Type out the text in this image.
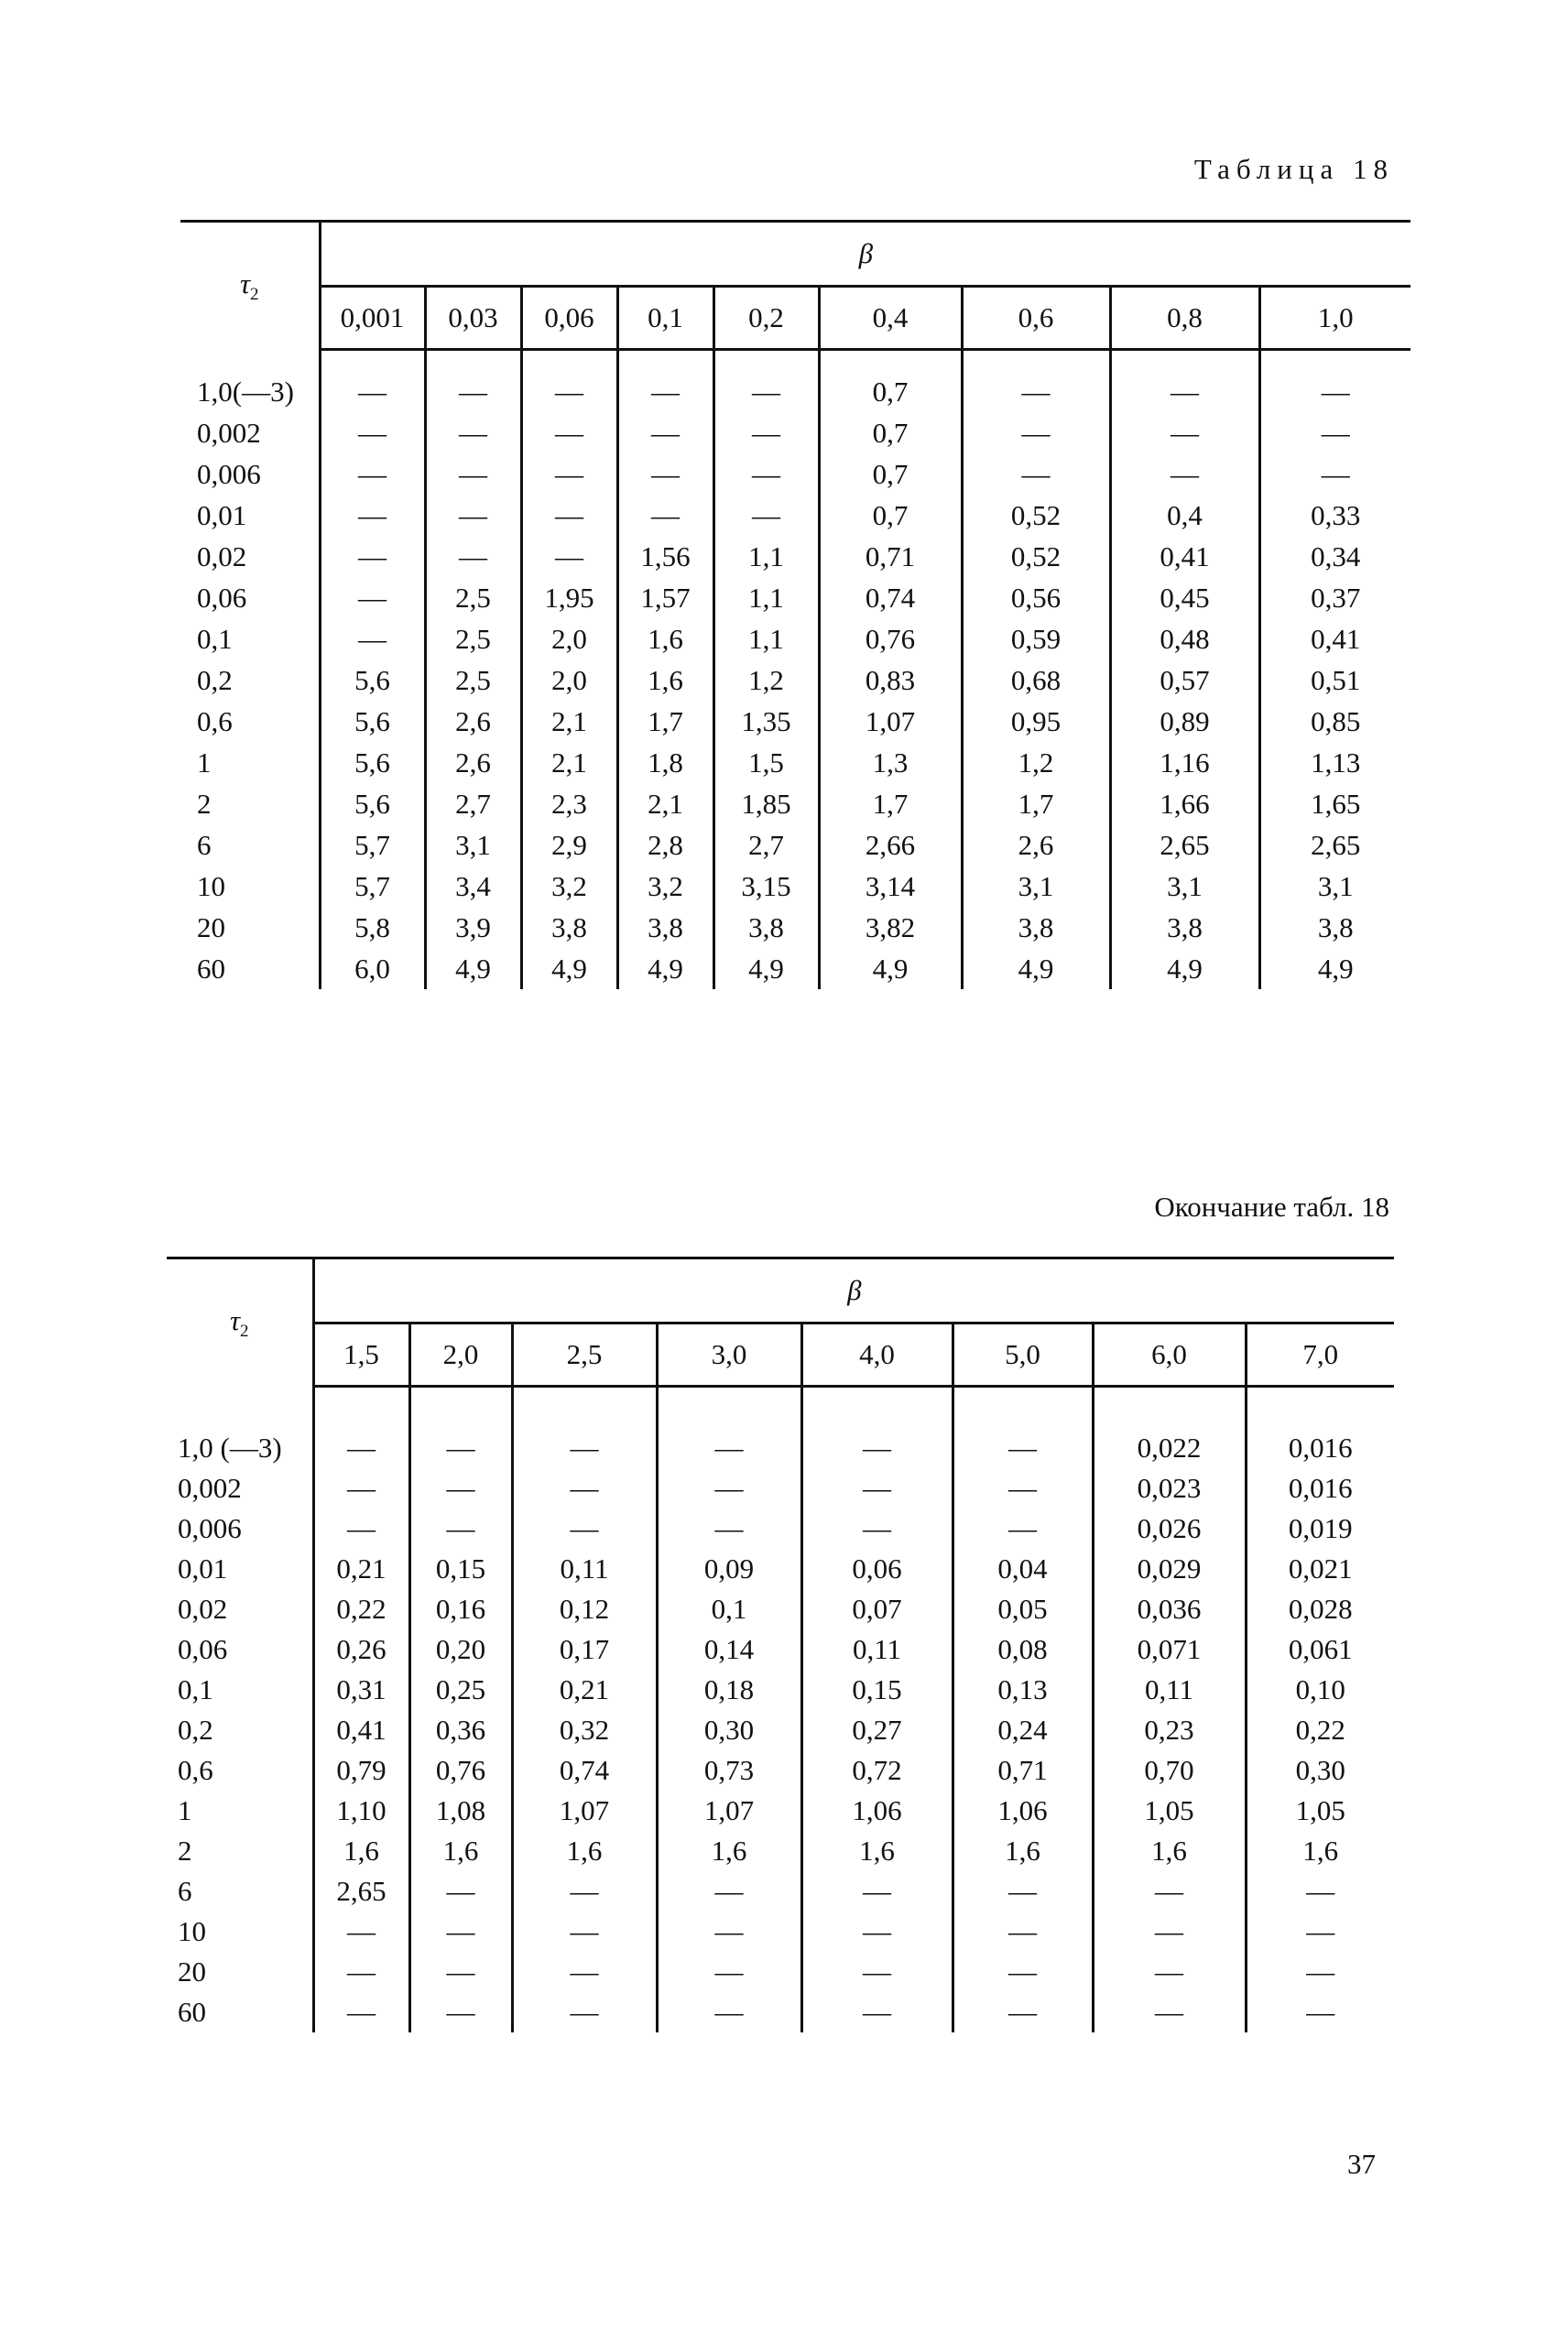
Таблица 18
$\tau_2$	β								
	0,001	0,03	0,06	0,1	0,2	0,4	0,6	0,8	1,0

1,0(—3)	—	—	—	—	—	0,7	—	—	—
0,002	—	—	—	—	—	0,7	—	—	—
0,006	—	—	—	—	—	0,7	—	—	—
0,01	—	—	—	—	—	0,7	0,52	0,4	0,33
0,02	—	—	—	1,56	1,1	0,71	0,52	0,41	0,34
0,06	—	2,5	1,95	1,57	1,1	0,74	0,56	0,45	0,37
0,1	—	2,5	2,0	1,6	1,1	0,76	0,59	0,48	0,41
0,2	5,6	2,5	2,0	1,6	1,2	0,83	0,68	0,57	0,51
0,6	5,6	2,6	2,1	1,7	1,35	1,07	0,95	0,89	0,85
1	5,6	2,6	2,1	1,8	1,5	1,3	1,2	1,16	1,13
2	5,6	2,7	2,3	2,1	1,85	1,7	1,7	1,66	1,65
6	5,7	3,1	2,9	2,8	2,7	2,66	2,6	2,65	2,65
10	5,7	3,4	3,2	3,2	3,15	3,14	3,1	3,1	3,1
20	5,8	3,9	3,8	3,8	3,8	3,82	3,8	3,8	3,8
60	6,0	4,9	4,9	4,9	4,9	4,9	4,9	4,9	4,9
Окончание табл. 18
$\tau_2$	β							
	1,5	2,0	2,5	3,0	4,0	5,0	6,0	7,0

1,0 (—3)	—	—	—	—	—	—	0,022	0,016
0,002	—	—	—	—	—	—	0,023	0,016
0,006	—	—	—	—	—	—	0,026	0,019
0,01	0,21	0,15	0,11	0,09	0,06	0,04	0,029	0,021
0,02	0,22	0,16	0,12	0,1	0,07	0,05	0,036	0,028
0,06	0,26	0,20	0,17	0,14	0,11	0,08	0,071	0,061
0,1	0,31	0,25	0,21	0,18	0,15	0,13	0,11	0,10
0,2	0,41	0,36	0,32	0,30	0,27	0,24	0,23	0,22
0,6	0,79	0,76	0,74	0,73	0,72	0,71	0,70	0,30
1	1,10	1,08	1,07	1,07	1,06	1,06	1,05	1,05
2	1,6	1,6	1,6	1,6	1,6	1,6	1,6	1,6
6	2,65	—	—	—	—	—	—	—
10	—	—	—	—	—	—	—	—
20	—	—	—	—	—	—	—	—
60	—	—	—	—	—	—	—	—
37
